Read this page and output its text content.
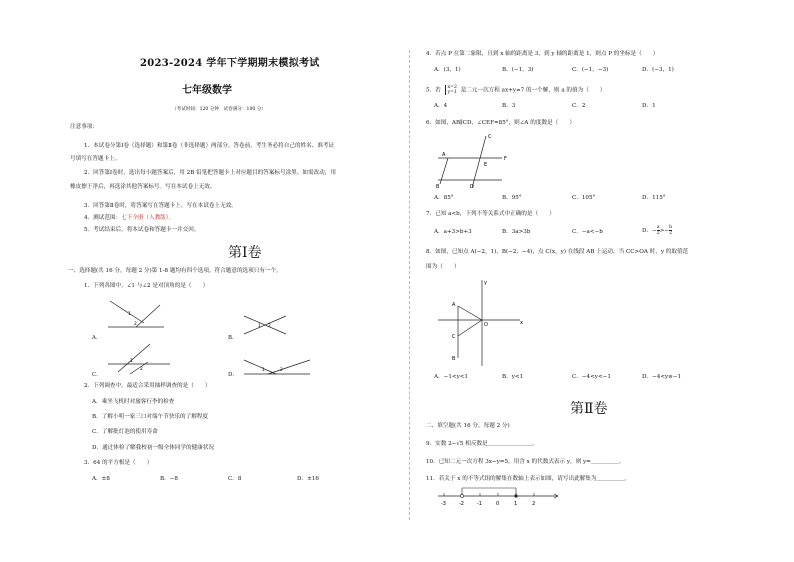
2023-2024 学年下学期期末模拟考试
七年级数学
（考试时间：120 分钟　试卷满分：100 分）
注意事项：
1．本试卷分第Ⅰ卷（选择题）和第Ⅱ卷（非选择题）两部分。答卷前，考生务必将自己的姓名、准考证
号填写在答题卡上。
2．回答第Ⅰ卷时，选出每小题答案后，用 2B 铅笔把答题卡上对应题目的答案标号涂黑。如需改动，用
橡皮擦干净后，再选涂其他答案标号。写在本试卷上无效。
3．回答第Ⅱ卷时，将答案写在答题卡上。写在本试卷上无效。
4．测试范围：七下全册（人教版）。
5．考试结束后，将本试卷和答题卡一并交回。
第Ⅰ卷
一、选择题(共 16 分，每题 2 分)第 1-8 题均有四个选项，符合题意的选项只有一个。
1．下列各图中，∠1 与∠2 是对顶角的是（　　）
A．
1
2
B．
1 2
C．
1
2
D．
1	2
2．下列调查中，最适合采用抽样调查的是（　　）
A．乘坐飞机时对旅客行李的检查
B．了解小明一家三口对端午节快乐的了解程度
C．了解批灯泡的使用寿命
D．通过体检了解我校初一级全体同学的健康状况
3．64 的平方根是（　　）
A．±8	B．−8	C．8	D．±16
4．若点 P 在第二象限，且到 x 轴的距离是 3，到 y 轴的距离是 1，则点 P 的坐标是（　　）
A．(3，1)	B．(−1，3)	C．(−1，−3)	D．(−3，1)
5．若 x=2
y=1 是二元一次方程 ax+y=7 的一个解，则 a 的值为（　　）
A．4	B．3	C．2	D．1
6．如图，AB∥CD，∠CEF=85°，则∠A 的度数是（　　）
A
B
C
D
E
F
A．85°	B．95°	C．105°	D．115°
7．已知 a<b，下列不等关系式中正确的是（　　）
A．a+3>b+3	B．3a>3b	C．−a<−b	D．− $\frac{a}{2} >- \frac{b}{2}$
8．如图，已知点 A(−2，1)，B(−2，−4)，点 C(x，y) 在线段 AB 上运动，当 CC>OA 时，y 的取值范
围为（　　）
A
C
B
O	x
y
A．−1<y<1	B．y<1	C．−4<y<−1	D．−4<y≤−1
第Ⅱ卷
二、填空题(共 16 分，每题 2 分)
9．实数 2−√5 相反数是＿＿＿＿＿＿＿＿。
10．已知二元一次方程 3x−y=5，用含 x 的代数式表示 y，则 y=＿＿＿＿＿。
11．若关于 x 的不等式组的解集在数轴上表示如图，请写出此解集为＿＿＿＿＿。
-3	-2	-1	0	1	2
